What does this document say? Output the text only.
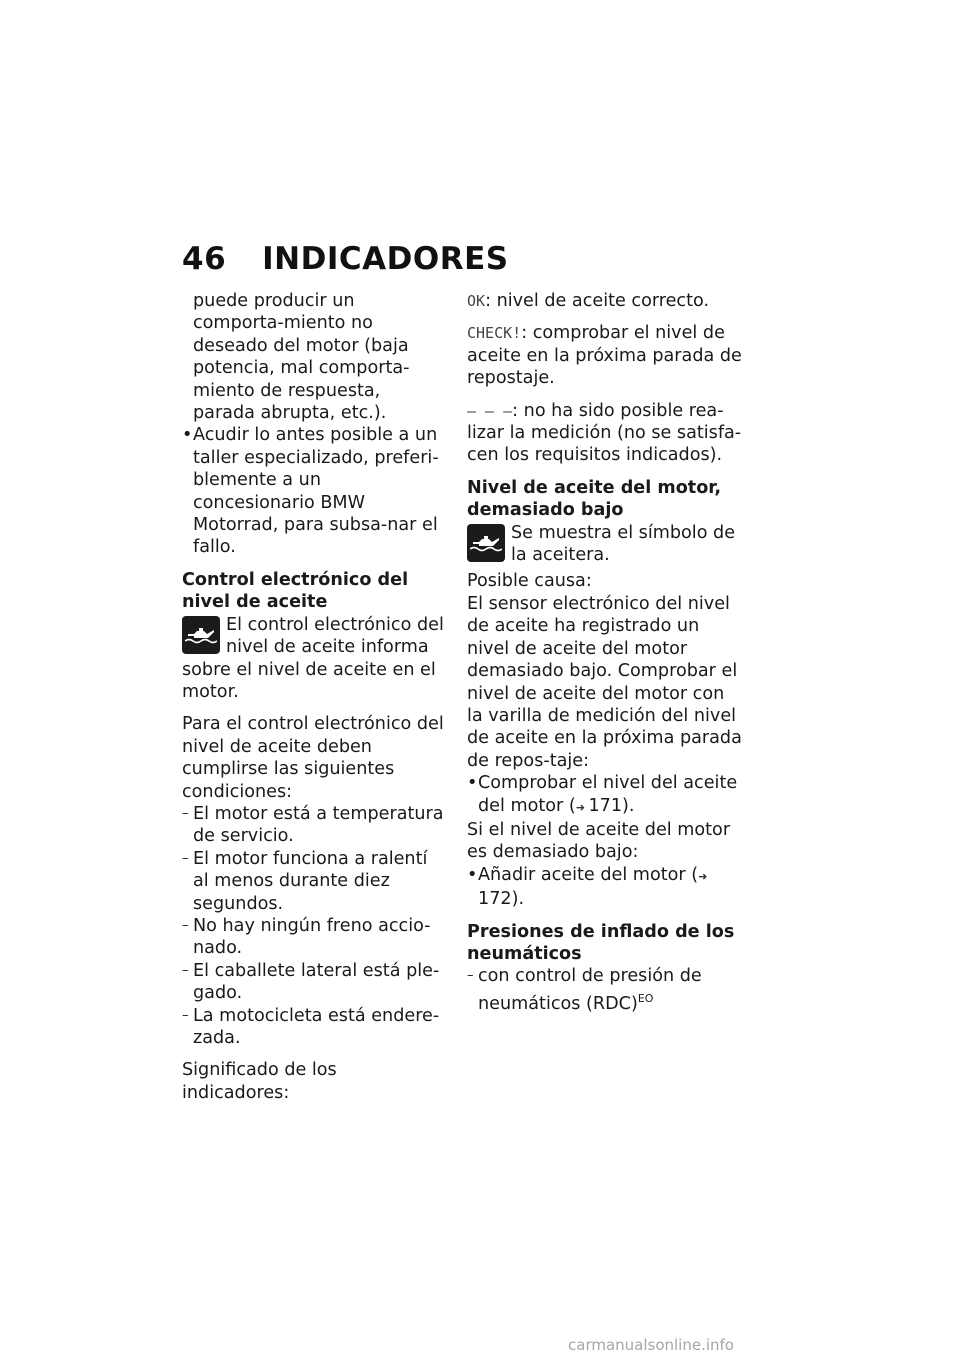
46 INDICADORES

puede producir un comporta-miento no deseado del motor (baja potencia, mal comporta-miento de respuesta, parada abrupta, etc.).

• Acudir lo antes posible a un taller especializado, preferi-blemente a un concesionario BMW Motorrad, para subsa-nar el fallo.
Control electrónico del nivel de aceite
El control electrónico del nivel de aceite informa sobre el nivel de aceite en el motor.

Para el control electrónico del nivel de aceite deben cumplirse las siguientes condiciones:

– El motor está a temperatura de servicio.
– El motor funciona a ralentí al menos durante diez segundos.
– No hay ningún freno accio-nado.
– El caballete lateral está ple-gado.
– La motocicleta está endere-zada.

Significado de los indicadores:

OK: nivel de aceite correcto.

CHECK!: comprobar el nivel de aceite en la próxima parada de repostaje.

– – –: no ha sido posible rea-lizar la medición (no se satisfa-cen los requisitos indicados).

Nivel de aceite del motor, demasiado bajo
Se muestra el símbolo de la aceitera.

Posible causa:

El sensor electrónico del nivel de aceite ha registrado un nivel de aceite del motor demasiado bajo. Comprobar el nivel de aceite del motor con la varilla de medición del nivel de aceite en la próxima parada de repos-taje:

• Comprobar el nivel del aceite del motor (➜  171).

Si el nivel de aceite del motor es demasiado bajo:

• Añadir aceite del motor (➜ 172).
Presiones de inflado de los neumáticos
– con control de presión de neumáticos (RDC)$^{EO}$
carmanualsonline.info
